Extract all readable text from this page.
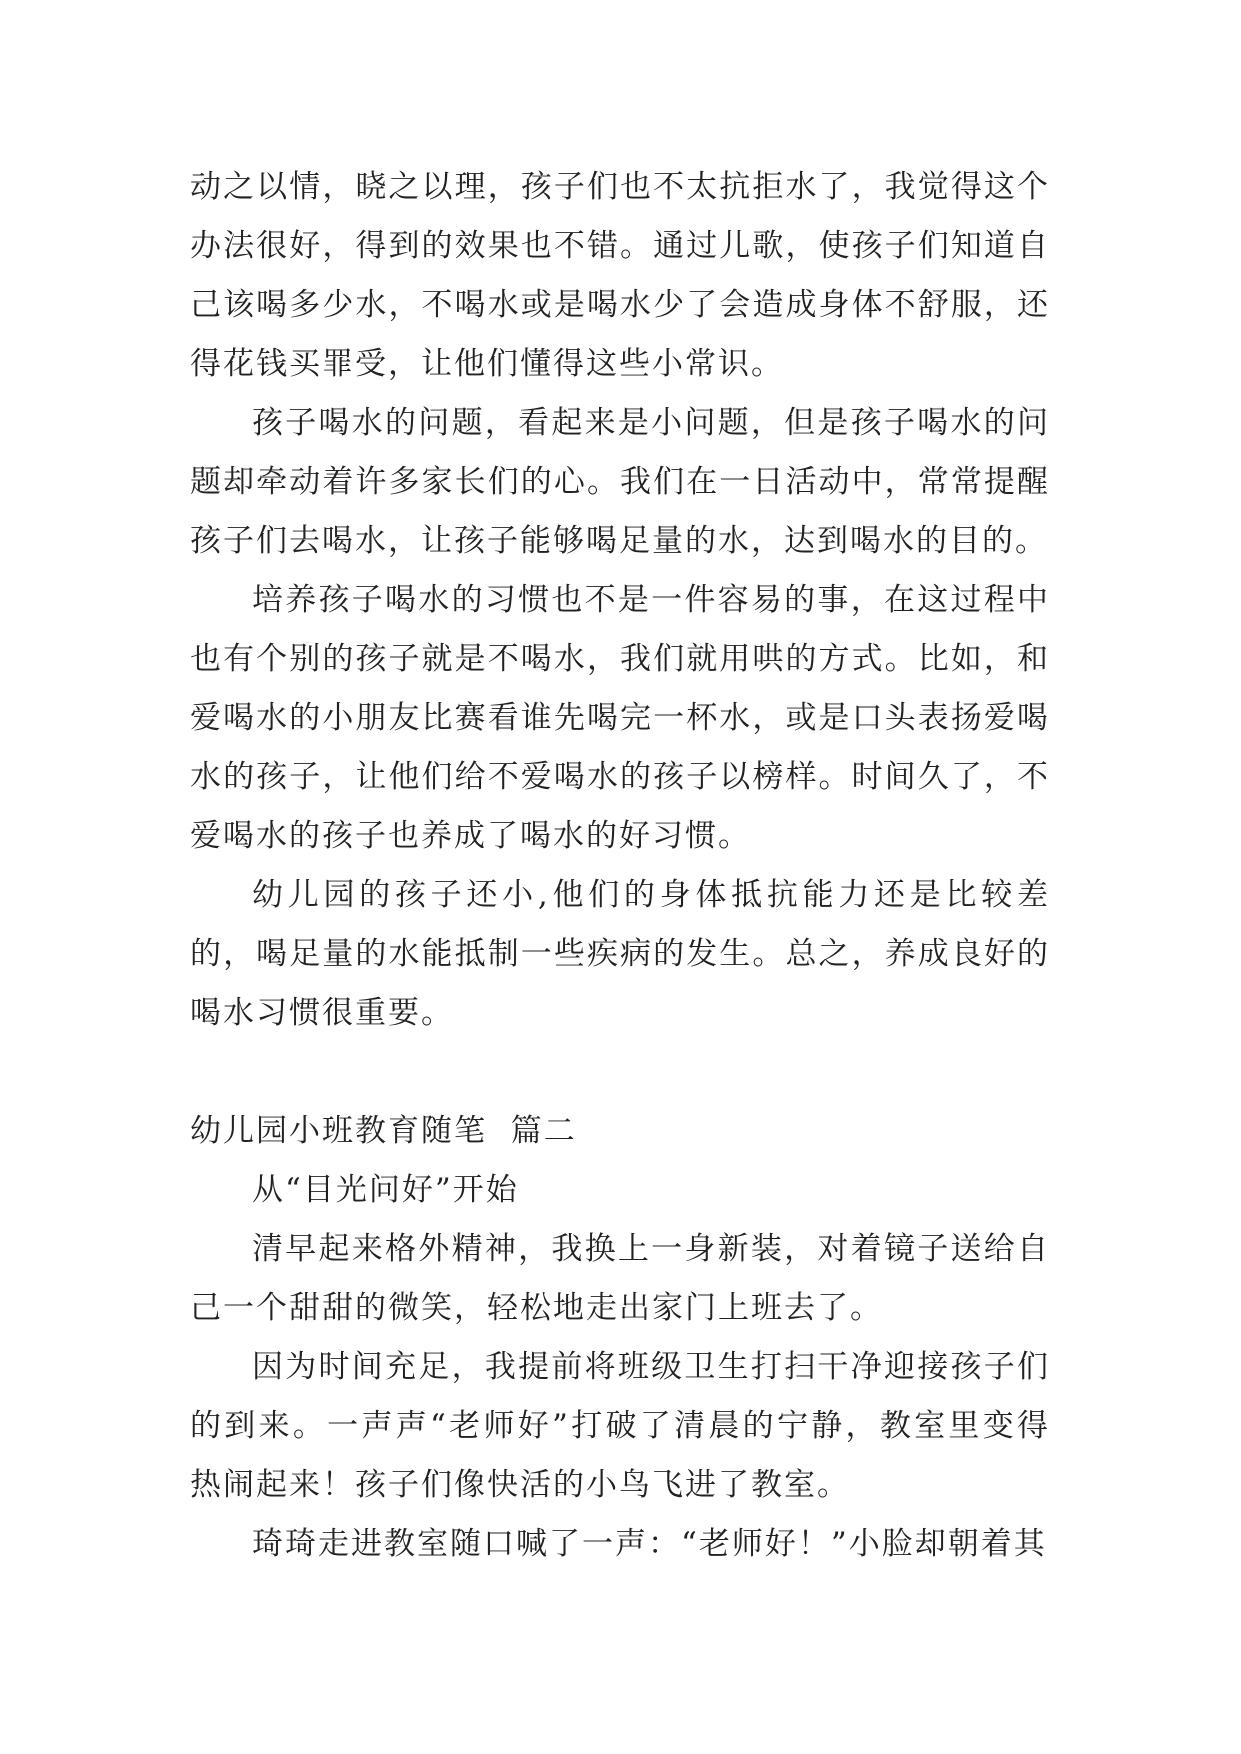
动之以情，晓之以理，孩子们也不太抗拒水了，我觉得这个办法很好，得到的效果也不错。通过儿歌，使孩子们知道自己该喝多少水，不喝水或是喝水少了会造成身体不舒服，还得花钱买罪受，让他们懂得这些小常识。

孩子喝水的问题，看起来是小问题，但是孩子喝水的问题却牵动着许多家长们的心。我们在一日活动中，常常提醒孩子们去喝水，让孩子能够喝足量的水，达到喝水的目的。

培养孩子喝水的习惯也不是一件容易的事，在这过程中也有个别的孩子就是不喝水，我们就用哄的方式。比如，和爱喝水的小朋友比赛看谁先喝完一杯水，或是口头表扬爱喝水的孩子，让他们给不爱喝水的孩子以榜样。时间久了，不爱喝水的孩子也养成了喝水的好习惯。

幼儿园的孩子还小,他们的身体抵抗能力还是比较差的，喝足量的水能抵制一些疾病的发生。总之，养成良好的喝水习惯很重要。

幼儿园小班教育随笔  篇二

从“目光问好”开始

清早起来格外精神，我换上一身新装，对着镜子送给自己一个甜甜的微笑，轻松地走出家门上班去了。

因为时间充足，我提前将班级卫生打扫干净迎接孩子们的到来。一声声“老师好”打破了清晨的宁静，教室里变得热闹起来！孩子们像快活的小鸟飞进了教室。

琦琦走进教室随口喊了一声：“老师好！”小脸却朝着其
